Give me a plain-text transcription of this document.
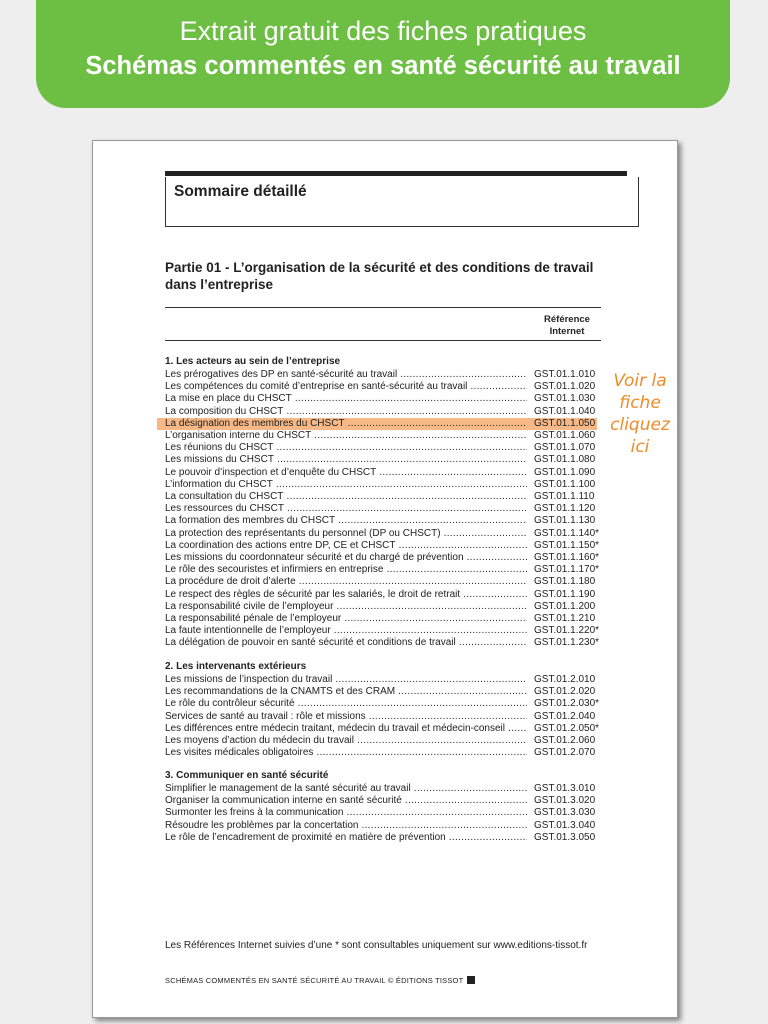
Extrait gratuit des fiches pratiques
Schémas commentés en santé sécurité au travail
Sommaire détaillé
Partie 01 - L’organisation de la sécurité et des conditions de travail dans l’entreprise
Référence
Internet
1. Les acteurs au sein de l’entreprise
Les prérogatives des DP en santé-sécurité au travail .....	GST.01.1.010
Les compétences du comité d’entreprise en santé-sécurité au travail .....	GST.01.1.020
La mise en place du CHSCT .....	GST.01.1.030
La composition du CHSCT .....	GST.01.1.040
La désignation des membres du CHSCT .....	GST.01.1.050
L’organisation interne du CHSCT .....	GST.01.1.060
Les réunions du CHSCT .....	GST.01.1.070
Les missions du CHSCT .....	GST.01.1.080
Le pouvoir d’inspection et d’enquête du CHSCT .....	GST.01.1.090
L’information du CHSCT .....	GST.01.1.100
La consultation du CHSCT .....	GST.01.1.110
Les ressources du CHSCT .....	GST.01.1.120
La formation des membres du CHSCT .....	GST.01.1.130
La protection des représentants du personnel (DP ou CHSCT) .....	GST.01.1.140*
La coordination des actions entre DP, CE et CHSCT .....	GST.01.1.150*
Les missions du coordonnateur sécurité et du chargé de prévention .....	GST.01.1.160*
Le rôle des secouristes et infirmiers en entreprise .....	GST.01.1.170*
La procédure de droit d’alerte .....	GST.01.1.180
Le respect des règles de sécurité par les salariés, le droit de retrait .....	GST.01.1.190
La responsabilité civile de l’employeur .....	GST.01.1.200
La responsabilité pénale de l’employeur .....	GST.01.1.210
La faute intentionnelle de l’employeur .....	GST.01.1.220*
La délégation de pouvoir en santé sécurité et conditions de travail .....	GST.01.1.230*
2. Les intervenants extérieurs
Les missions de l’inspection du travail .....	GST.01.2.010
Les recommandations de la CNAMTS et des CRAM .....	GST.01.2.020
Le rôle du contrôleur sécurité .....	GST.01.2.030*
Services de santé au travail : rôle et missions .....	GST.01.2.040
Les différences entre médecin traitant, médecin du travail et médecin-conseil .....	GST.01.2.050*
Les moyens d’action du médecin du travail .....	GST.01.2.060
Les visites médicales obligatoires .....	GST.01.2.070
3. Communiquer en santé sécurité
Simplifier le management de la santé sécurité au travail .....	GST.01.3.010
Organiser la communication interne en santé sécurité .....	GST.01.3.020
Surmonter les freins à la communication .....	GST.01.3.030
Résoudre les problèmes par la concertation .....	GST.01.3.040
Le rôle de l’encadrement de proximité en matière de prévention .....	GST.01.3.050
Les Références Internet suivies d’une * sont consultables uniquement sur www.editions-tissot.fr
SCHÉMAS COMMENTÉS EN SANTÉ SÉCURITÉ AU TRAVAIL © ÉDITIONS TISSOT
Voir la
fiche
cliquez
ici
